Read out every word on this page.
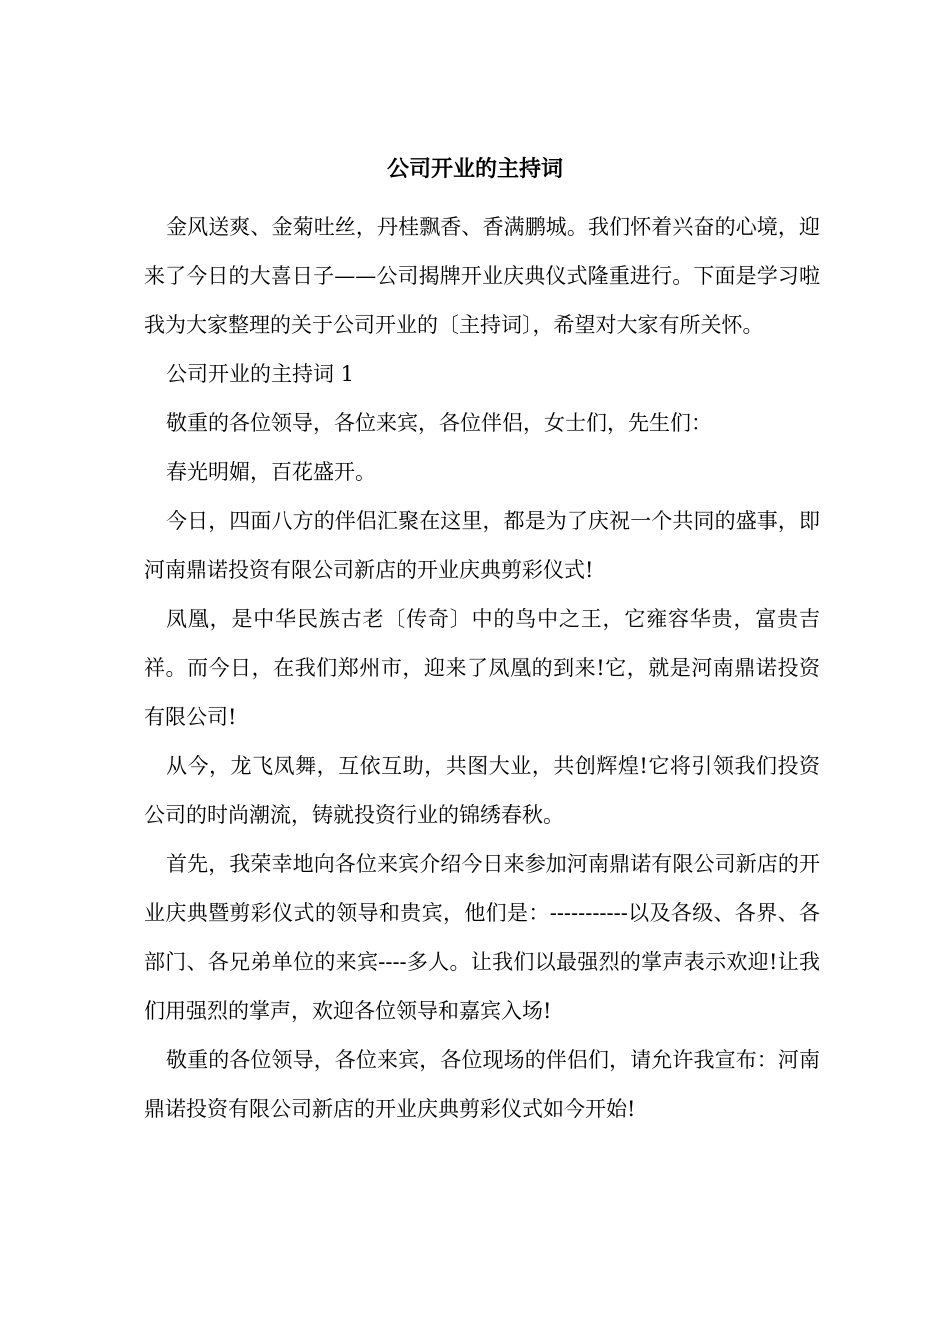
公司开业的主持词

金风送爽、金菊吐丝，丹桂飘香、香满鹏城。我们怀着兴奋的心境，迎来了今日的大喜日子——公司揭牌开业庆典仪式隆重进行。下面是学习啦我为大家整理的关于公司开业的〔主持词〕，希望对大家有所关怀。

公司开业的主持词 1

敬重的各位领导，各位来宾，各位伴侣，女士们，先生们：

春光明媚，百花盛开。

今日，四面八方的伴侣汇聚在这里，都是为了庆祝一个共同的盛事，即河南鼎诺投资有限公司新店的开业庆典剪彩仪式!

凤凰，是中华民族古老〔传奇〕中的鸟中之王，它雍容华贵，富贵吉祥。而今日，在我们郑州市，迎来了凤凰的到来!它，就是河南鼎诺投资有限公司!

从今，龙飞凤舞，互依互助，共图大业，共创辉煌!它将引领我们投资公司的时尚潮流，铸就投资行业的锦绣春秋。

首先，我荣幸地向各位来宾介绍今日来参加河南鼎诺有限公司新店的开业庆典暨剪彩仪式的领导和贵宾，他们是：-----------以及各级、各界、各部门、各兄弟单位的来宾----多人。让我们以最强烈的掌声表示欢迎!让我们用强烈的掌声，欢迎各位领导和嘉宾入场!

敬重的各位领导，各位来宾，各位现场的伴侣们，请允许我宣布：河南鼎诺投资有限公司新店的开业庆典剪彩仪式如今开始!
